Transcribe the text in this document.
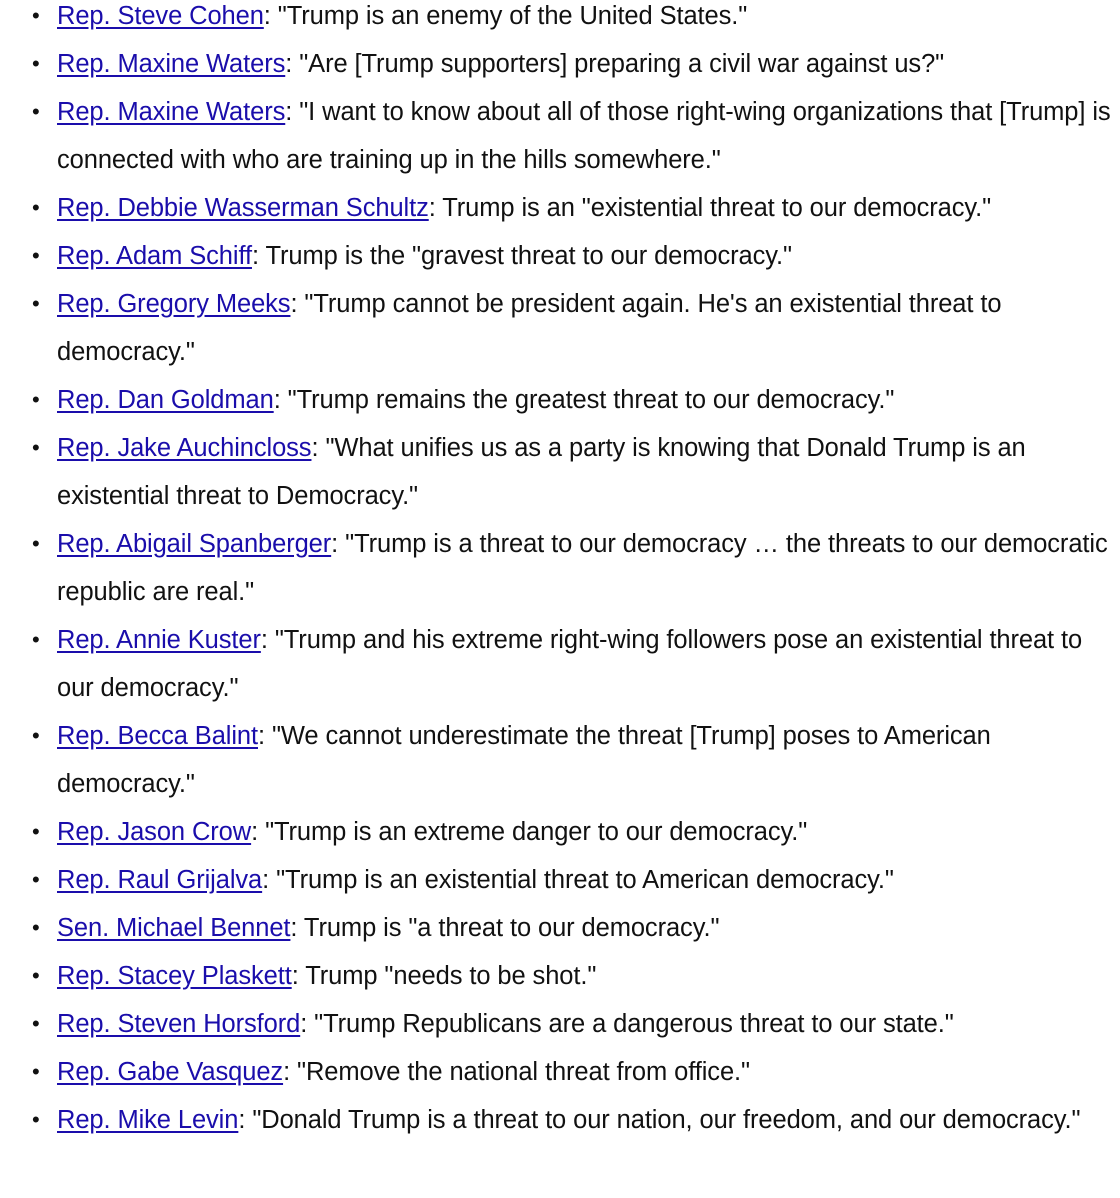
• Rep. Steve Cohen: "Trump is an enemy of the United States."
• Rep. Maxine Waters: "Are [Trump supporters] preparing a civil war against us?"
• Rep. Maxine Waters: "I want to know about all of those right-wing organizations that [Trump] is connected with who are training up in the hills somewhere."
• Rep. Debbie Wasserman Schultz: Trump is an "existential threat to our democracy."
• Rep. Adam Schiff: Trump is the "gravest threat to our democracy."
• Rep. Gregory Meeks: "Trump cannot be president again. He's an existential threat to democracy."
• Rep. Dan Goldman: "Trump remains the greatest threat to our democracy."
• Rep. Jake Auchincloss: "What unifies us as a party is knowing that Donald Trump is an existential threat to Democracy."
• Rep. Abigail Spanberger: "Trump is a threat to our democracy … the threats to our democratic republic are real."
• Rep. Annie Kuster: "Trump and his extreme right-wing followers pose an existential threat to our democracy."
• Rep. Becca Balint: "We cannot underestimate the threat [Trump] poses to American democracy."
• Rep. Jason Crow: "Trump is an extreme danger to our democracy."
• Rep. Raul Grijalva: "Trump is an existential threat to American democracy."
• Sen. Michael Bennet: Trump is "a threat to our democracy."
• Rep. Stacey Plaskett: Trump "needs to be shot."
• Rep. Steven Horsford: "Trump Republicans are a dangerous threat to our state."
• Rep. Gabe Vasquez: "Remove the national threat from office."
• Rep. Mike Levin: "Donald Trump is a threat to our nation, our freedom, and our democracy."
